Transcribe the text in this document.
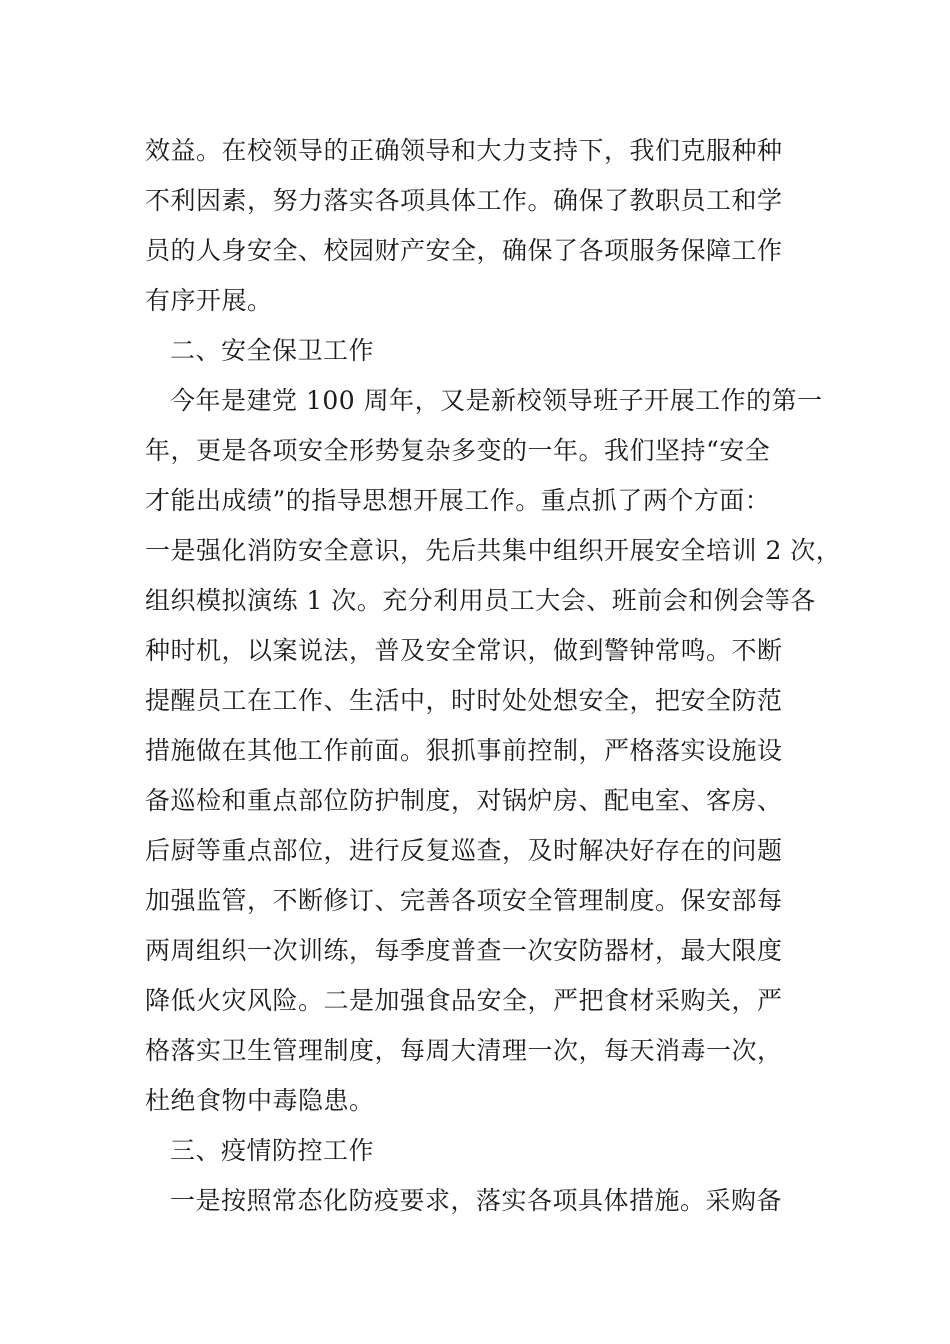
效益。在校领导的正确领导和大力支持下，我们克服种种
不利因素，努力落实各项具体工作。确保了教职员工和学
员的人身安全、校园财产安全，确保了各项服务保障工作
有序开展。
二、安全保卫工作
今年是建党 100 周年，又是新校领导班子开展工作的第一
年，更是各项安全形势复杂多变的一年。我们坚持“安全
才能出成绩”的指导思想开展工作。重点抓了两个方面：
一是强化消防安全意识，先后共集中组织开展安全培训 2 次，
组织模拟演练 1 次。充分利用员工大会、班前会和例会等各
种时机，以案说法，普及安全常识，做到警钟常鸣。不断
提醒员工在工作、生活中，时时处处想安全，把安全防范
措施做在其他工作前面。狠抓事前控制，严格落实设施设
备巡检和重点部位防护制度，对锅炉房、配电室、客房、
后厨等重点部位，进行反复巡查，及时解决好存在的问题
加强监管，不断修订、完善各项安全管理制度。保安部每
两周组织一次训练，每季度普查一次安防器材，最大限度
降低火灾风险。二是加强食品安全，严把食材采购关，严
格落实卫生管理制度，每周大清理一次，每天消毒一次，
杜绝食物中毒隐患。
三、疫情防控工作
一是按照常态化防疫要求，落实各项具体措施。采购备
